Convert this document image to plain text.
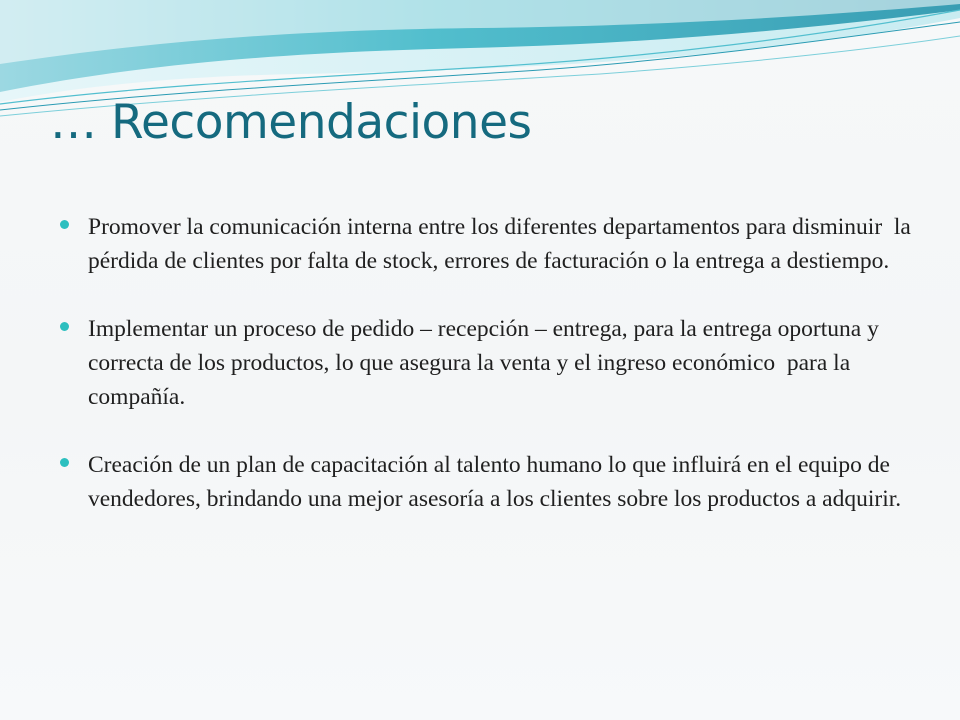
… Recomendaciones
Promover la comunicación interna entre los diferentes departamentos para disminuir  la pérdida de clientes por falta de stock, errores de facturación o la entrega a destiempo.
Implementar un proceso de pedido – recepción – entrega, para la entrega oportuna y correcta de los productos, lo que asegura la venta y el ingreso económico  para la compañía.
Creación de un plan de capacitación al talento humano lo que influirá en el equipo de vendedores, brindando una mejor asesoría a los clientes sobre los productos a adquirir.
